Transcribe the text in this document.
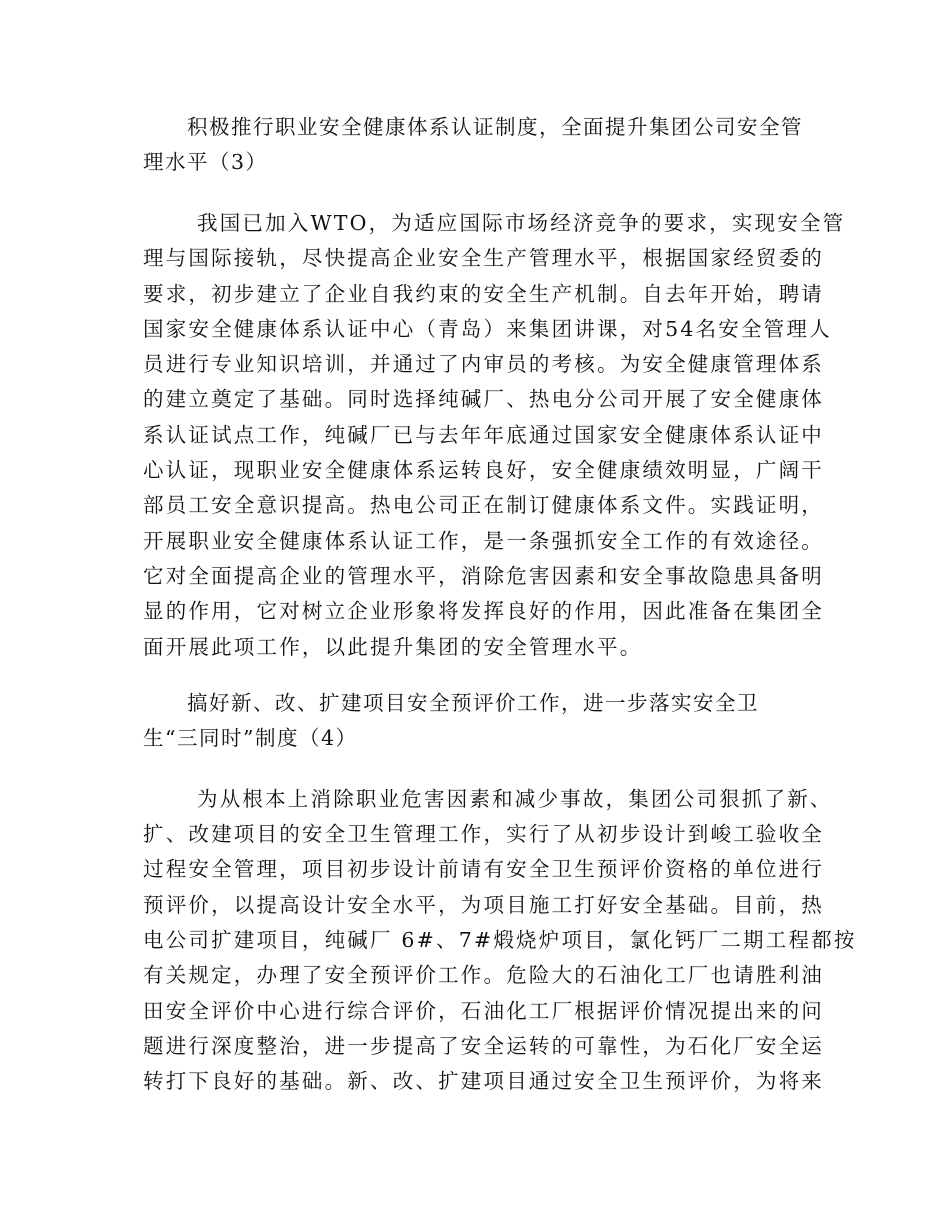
积极推行职业安全健康体系认证制度，全面提升集团公司安全管
理水平（3）
我国已加入WTO，为适应国际市场经济竞争的要求，实现安全管
理与国际接轨，尽快提高企业安全生产管理水平，根据国家经贸委的
要求，初步建立了企业自我约束的安全生产机制。自去年开始，聘请
国家安全健康体系认证中心（青岛）来集团讲课，对54名安全管理人
员进行专业知识培训，并通过了内审员的考核。为安全健康管理体系
的建立奠定了基础。同时选择纯碱厂、热电分公司开展了安全健康体
系认证试点工作，纯碱厂已与去年年底通过国家安全健康体系认证中
心认证，现职业安全健康体系运转良好，安全健康绩效明显，广阔干
部员工安全意识提高。热电公司正在制订健康体系文件。实践证明，
开展职业安全健康体系认证工作，是一条强抓安全工作的有效途径。
它对全面提高企业的管理水平，消除危害因素和安全事故隐患具备明
显的作用，它对树立企业形象将发挥良好的作用，因此准备在集团全
面开展此项工作，以此提升集团的安全管理水平。
搞好新、改、扩建项目安全预评价工作，进一步落实安全卫
生“三同时”制度（4）
为从根本上消除职业危害因素和减少事故，集团公司狠抓了新、
扩、改建项目的安全卫生管理工作，实行了从初步设计到峻工验收全
过程安全管理，项目初步设计前请有安全卫生预评价资格的单位进行
预评价，以提高设计安全水平，为项目施工打好安全基础。目前，热
电公司扩建项目，纯碱厂 6#、7#煅烧炉项目，氯化钙厂二期工程都按
有关规定，办理了安全预评价工作。危险大的石油化工厂也请胜利油
田安全评价中心进行综合评价，石油化工厂根据评价情况提出来的问
题进行深度整治，进一步提高了安全运转的可靠性，为石化厂安全运
转打下良好的基础。新、改、扩建项目通过安全卫生预评价，为将来
